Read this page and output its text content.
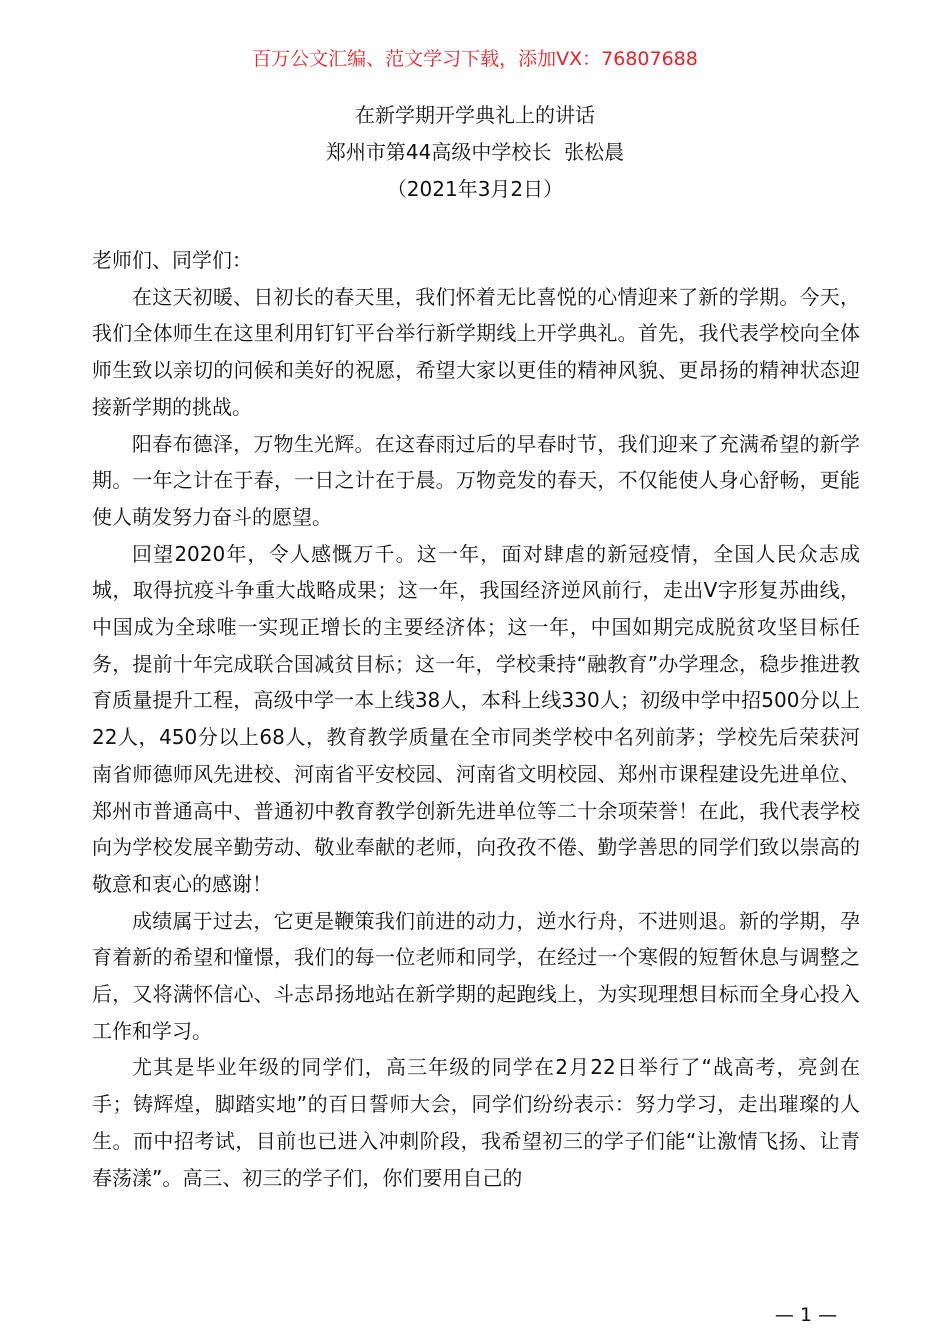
百万公文汇编、范文学习下载，添加VX：76807688
在新学期开学典礼上的讲话
郑州市第44高级中学校长  张松晨
（2021年3月2日）

老师们、同学们：

在这天初暖、日初长的春天里，我们怀着无比喜悦的心情迎来了新的学期。今天，我们全体师生在这里利用钉钉平台举行新学期线上开学典礼。首先，我代表学校向全体师生致以亲切的问候和美好的祝愿，希望大家以更佳的精神风貌、更昂扬的精神状态迎接新学期的挑战。

阳春布德泽，万物生光辉。在这春雨过后的早春时节，我们迎来了充满希望的新学期。一年之计在于春，一日之计在于晨。万物竞发的春天，不仅能使人身心舒畅，更能使人萌发努力奋斗的愿望。

回望2020年，令人感慨万千。这一年，面对肆虐的新冠疫情，全国人民众志成城，取得抗疫斗争重大战略成果；这一年，我国经济逆风前行，走出V字形复苏曲线，中国成为全球唯一实现正增长的主要经济体；这一年，中国如期完成脱贫攻坚目标任务，提前十年完成联合国减贫目标；这一年，学校秉持“融教育”办学理念，稳步推进教育质量提升工程，高级中学一本上线38人，本科上线330人；初级中学中招500分以上22人，450分以上68人，教育教学质量在全市同类学校中名列前茅；学校先后荣获河南省师德师风先进校、河南省平安校园、河南省文明校园、郑州市课程建设先进单位、郑州市普通高中、普通初中教育教学创新先进单位等二十余项荣誉！在此，我代表学校向为学校发展辛勤劳动、敬业奉献的老师，向孜孜不倦、勤学善思的同学们致以崇高的敬意和衷心的感谢！

成绩属于过去，它更是鞭策我们前进的动力，逆水行舟，不进则退。新的学期，孕育着新的希望和憧憬，我们的每一位老师和同学，在经过一个寒假的短暂休息与调整之后，又将满怀信心、斗志昂扬地站在新学期的起跑线上，为实现理想目标而全身心投入工作和学习。

尤其是毕业年级的同学们，高三年级的同学在2月22日举行了“战高考，亮剑在手；铸辉煌，脚踏实地”的百日誓师大会，同学们纷纷表示：努力学习，走出璀璨的人生。而中招考试，目前也已进入冲刺阶段，我希望初三的学子们能“让激情飞扬、让青春荡漾”。高三、初三的学子们，你们要用自己的

— 1 —
